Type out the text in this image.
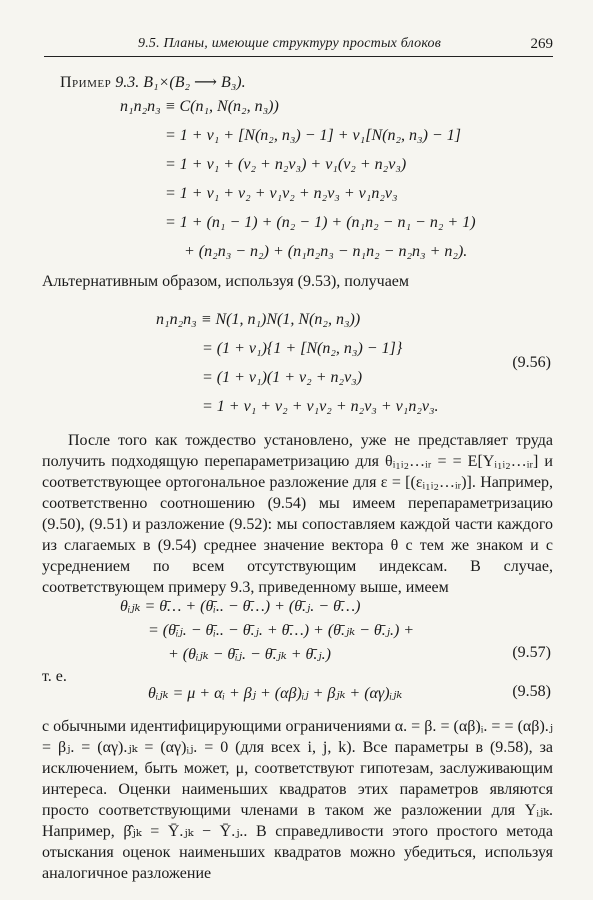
9.5. Планы, имеющие структуру простых блоков	269
Пример 9.3. B₁×(B₂ ⟶ B₃).
n₁n₂n₃ ≡ C(n₁, N(n₂, n₃))
= 1 + ν₁ + [N(n₂, n₃) − 1] + ν₁[N(n₂, n₃) − 1]
= 1 + ν₁ + (ν₂ + n₂ν₃) + ν₁(ν₂ + n₂ν₃)
= 1 + ν₁ + ν₂ + ν₁ν₂ + n₂ν₃ + ν₁n₂ν₃
= 1 + (n₁ − 1) + (n₂ − 1) + (n₁n₂ − n₁ − n₂ + 1)
+ (n₂n₃ − n₂) + (n₁n₂n₃ − n₁n₂ − n₂n₃ + n₂).
Альтернативным образом, используя (9.53), получаем
n₁n₂n₃ ≡ N(1, n₁)N(1, N(n₂, n₃))
= (1 + ν₁){1 + [N(n₂, n₃) − 1]}
= (1 + ν₁)(1 + ν₂ + n₂ν₃)
= 1 + ν₁ + ν₂ + ν₁ν₂ + n₂ν₃ + ν₁n₂ν₃.
(9.56)

После того как тождество установлено, уже не представляет труда получить подходящую перепараметризацию для θᵢ₁ᵢ₂…ᵢᵣ = = E[Yᵢ₁ᵢ₂…ᵢᵣ] и соответствующее ортогональное разложение для ε = [(εᵢ₁ᵢ₂…ᵢᵣ)]. Например, соответственно соотношению (9.54) мы имеем перепараметризацию (9.50), (9.51) и разложение (9.52): мы сопоставляем каждой части каждого из слагаемых в (9.54) среднее значение вектора θ с тем же знаком и с усреднением по всем отсутствующим индексам. В случае, соответствующем примеру 9.3, приведенному выше, имеем

θᵢⱼₖ = θ̄… + (θ̄ᵢ.. − θ̄…) + (θ̄.ⱼ. − θ̄…)
= (θ̄ᵢⱼ. − θ̄ᵢ.. − θ̄.ⱼ. + θ̄…) + (θ̄.ⱼₖ − θ̄.ⱼ.) +
+ (θᵢⱼₖ − θ̄ᵢⱼ. − θ̄.ⱼₖ + θ̄.ⱼ.)	(9.57)
т. е.
θᵢⱼₖ = μ + αᵢ + βⱼ + (αβ)ᵢⱼ + βⱼₖ + (αγ)ᵢⱼₖ	(9.58)

с обычными идентифицирующими ограничениями α. = β. = (αβ)ᵢ. = = (αβ).ⱼ = βⱼ. = (αγ).ⱼₖ = (αγ)ᵢⱼ. = 0 (для всех i, j, k). Все параметры в (9.58), за исключением, быть может, μ, соответствуют гипотезам, заслуживающим интереса. Оценки наименьших квадратов этих параметров являются просто соответствующими членами в таком же разложении для Yᵢⱼₖ. Например, β̂ⱼₖ = Ȳ.ⱼₖ − Ȳ.ⱼ.. В справедливости этого простого метода отыскания оценок наименьших квадратов можно убедиться, используя аналогичное разложение
